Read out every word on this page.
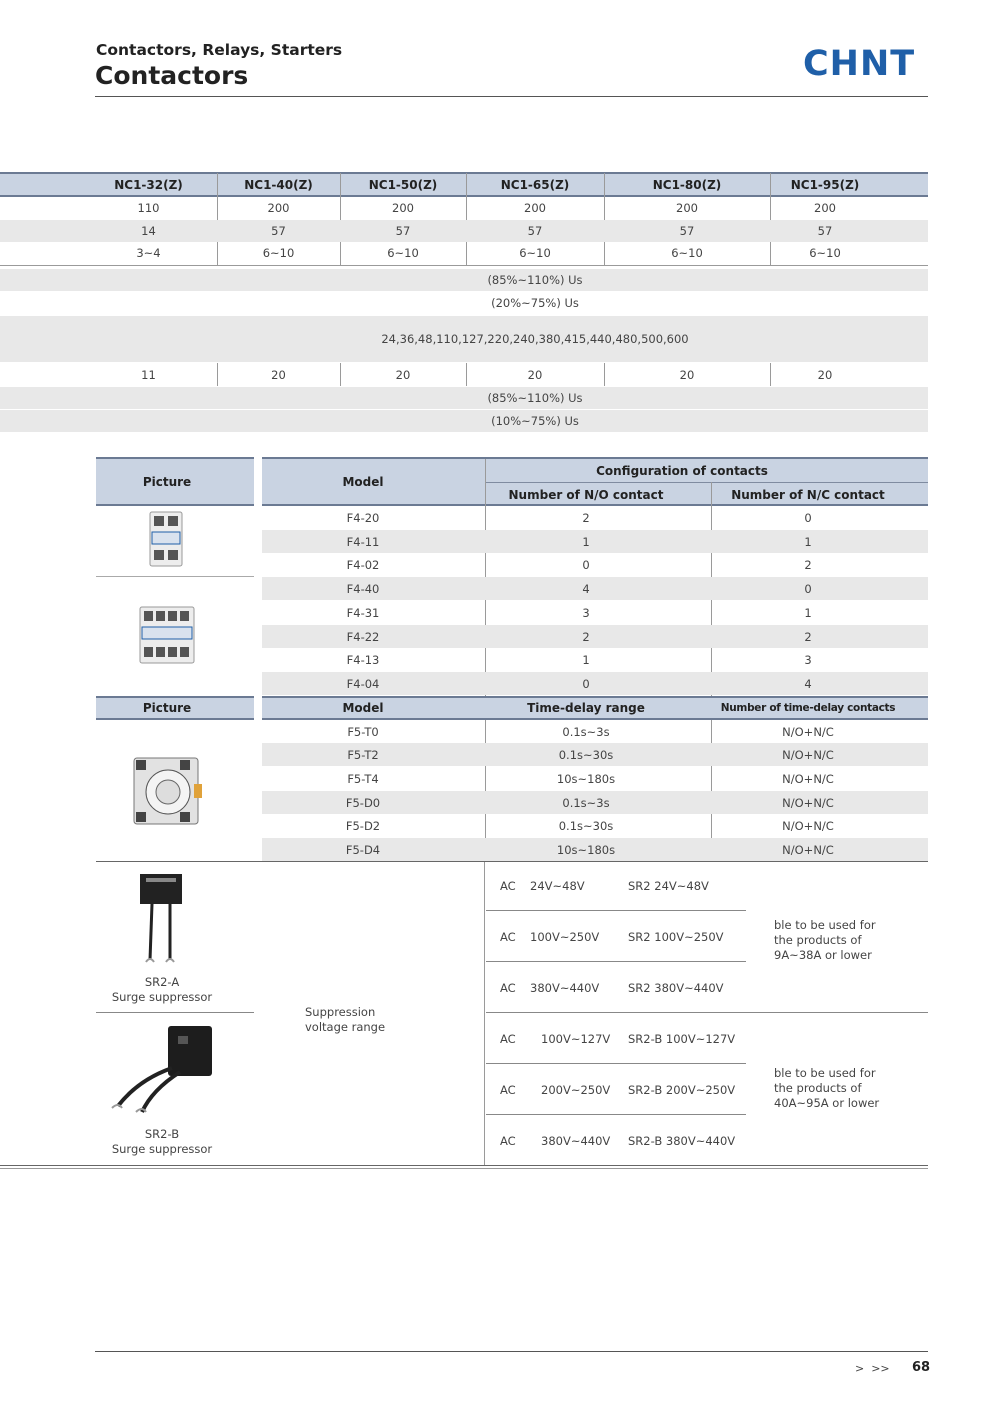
Contactors, Relays, Starters
Contactors	CHNT
NC1-32(Z)	NC1-40(Z)	NC1-50(Z)	NC1-65(Z)	NC1-80(Z)	NC1-95(Z)
110	200	200	200	200	200
14	57	57	57	57	57
3~4	6~10	6~10	6~10	6~10	6~10
(85%~110%) Us
(20%~75%) Us
24,36,48,110,127,220,240,380,415,440,480,500,600
11	20	20	20	20	20
(85%~110%) Us
(10%~75%) Us
Picture	Model
Configuration of contacts
Number of N/O contact	Number of N/C contact
F4-20	2	0
F4-11	1	1
F4-02	0	2
F4-40	4	0
F4-31	3	1
F4-22	2	2
F4-13	1	3
F4-04	0	4
Picture	Model	Time-delay range	Number of time-delay contacts
F5-T0	0.1s~3s	N/O+N/C
F5-T2	0.1s~30s	N/O+N/C
F5-T4	10s~180s	N/O+N/C
F5-D0	0.1s~3s	N/O+N/C
F5-D2	0.1s~30s	N/O+N/C
F5-D4	10s~180s	N/O+N/C
SR2-A
Surge suppressor
SR2-B
Surge suppressor
Suppression
voltage range
AC	24V~48V	SR2 24V~48V
AC	100V~250V	SR2 100V~250V
AC	380V~440V	SR2 380V~440V
AC	100V~127V	SR2-B 100V~127V
AC	200V~250V	SR2-B 200V~250V
AC	380V~440V	SR2-B 380V~440V
ble to be used for
the products of
9A~38A or lower
ble to be used for
the products of
40A~95A or lower
>  >> 68
